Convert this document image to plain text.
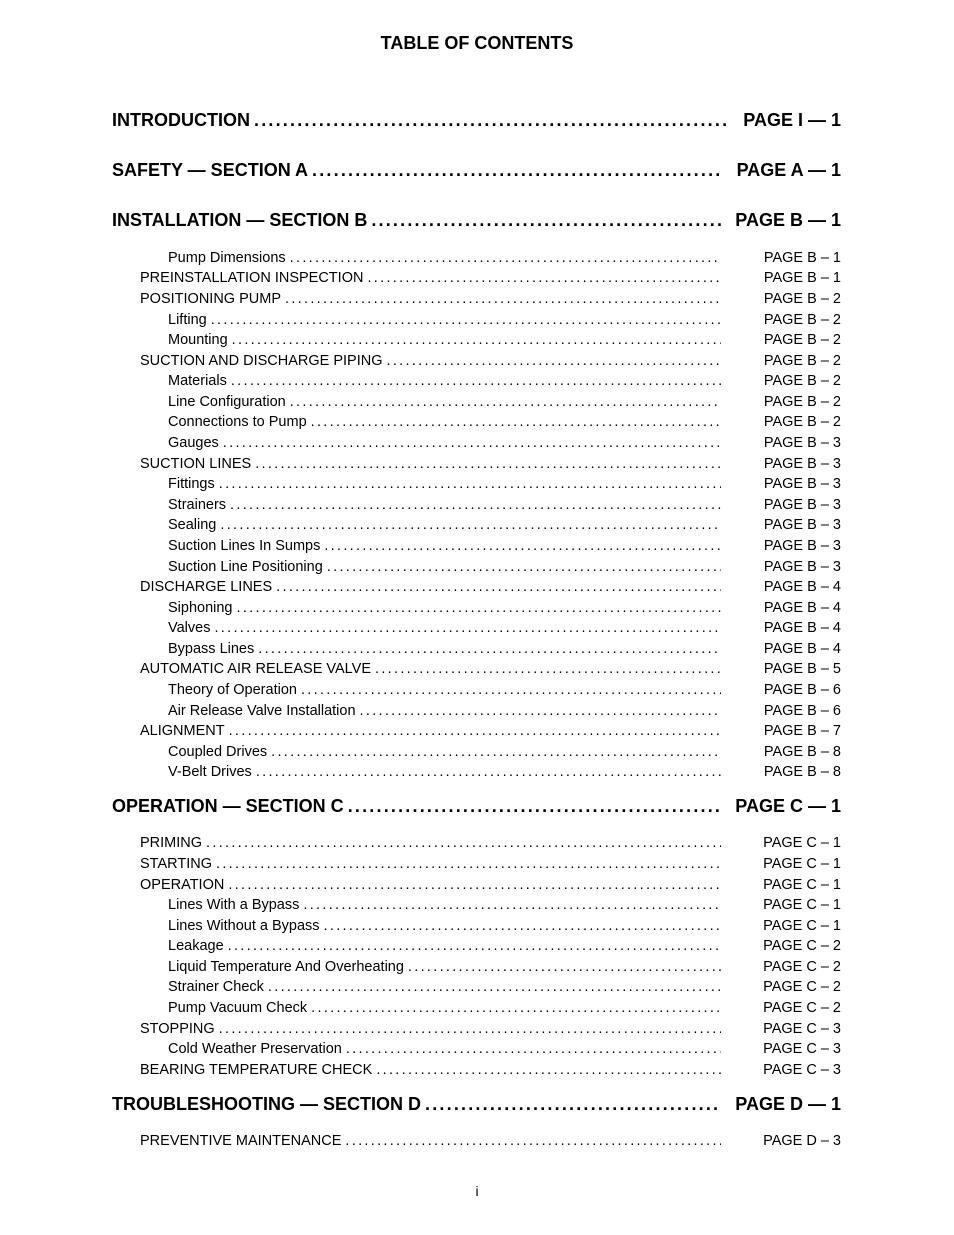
TABLE OF CONTENTS
INTRODUCTION .....	PAGE I — 1
SAFETY — SECTION A .....	PAGE A — 1
INSTALLATION — SECTION B .....	PAGE B — 1
Pump Dimensions .....	PAGE B – 1
PREINSTALLATION INSPECTION .....	PAGE B – 1
POSITIONING PUMP .....	PAGE B – 2
Lifting .....	PAGE B – 2
Mounting .....	PAGE B – 2
SUCTION AND DISCHARGE PIPING .....	PAGE B – 2
Materials .....	PAGE B – 2
Line Configuration .....	PAGE B – 2
Connections to Pump .....	PAGE B – 2
Gauges .....	PAGE B – 3
SUCTION LINES .....	PAGE B – 3
Fittings .....	PAGE B – 3
Strainers .....	PAGE B – 3
Sealing .....	PAGE B – 3
Suction Lines In Sumps .....	PAGE B – 3
Suction Line Positioning .....	PAGE B – 3
DISCHARGE LINES .....	PAGE B – 4
Siphoning .....	PAGE B – 4
Valves .....	PAGE B – 4
Bypass Lines .....	PAGE B – 4
AUTOMATIC AIR RELEASE VALVE .....	PAGE B – 5
Theory of Operation .....	PAGE B – 6
Air Release Valve Installation .....	PAGE B – 6
ALIGNMENT .....	PAGE B – 7
Coupled Drives .....	PAGE B – 8
V-Belt Drives .....	PAGE B – 8
OPERATION — SECTION C .....	PAGE C — 1
PRIMING .....	PAGE C – 1
STARTING .....	PAGE C – 1
OPERATION .....	PAGE C – 1
Lines With a Bypass .....	PAGE C – 1
Lines Without a Bypass .....	PAGE C – 1
Leakage .....	PAGE C – 2
Liquid Temperature And Overheating .....	PAGE C – 2
Strainer Check .....	PAGE C – 2
Pump Vacuum Check .....	PAGE C – 2
STOPPING .....	PAGE C – 3
Cold Weather Preservation .....	PAGE C – 3
BEARING TEMPERATURE CHECK .....	PAGE C – 3
TROUBLESHOOTING — SECTION D .....	PAGE D — 1
PREVENTIVE MAINTENANCE .....	PAGE D – 3
i
